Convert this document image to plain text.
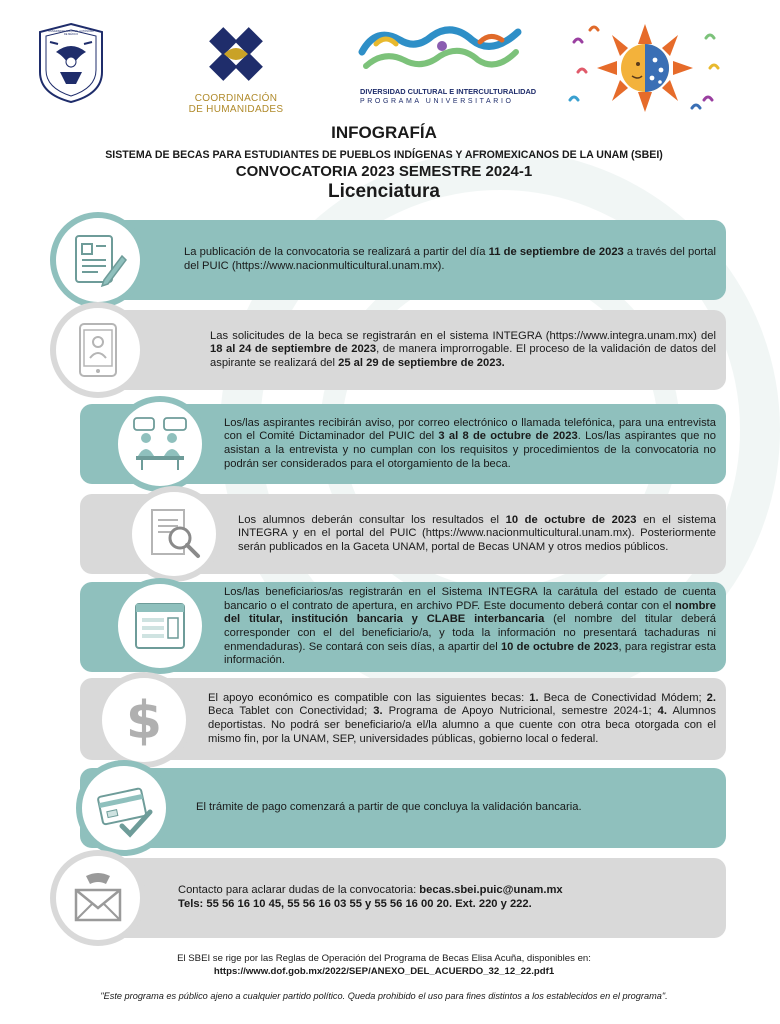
UNIVERSIDAD NACIONAL AUTÓNOMA DE MÉXICO
COORDINACIÓN
DE HUMANIDADES
DIVERSIDAD CULTURAL E INTERCULTURALIDAD
PROGRAMA UNIVERSITARIO

INFOGRAFÍA

SISTEMA DE BECAS PARA ESTUDIANTES DE PUEBLOS INDÍGENAS Y AFROMEXICANOS DE LA UNAM (SBEI)

CONVOCATORIA 2023 SEMESTRE 2024-1

Licenciatura

La publicación de la convocatoria se realizará a partir del día 11 de septiembre de 2023 a través del portal del PUIC (https://www.nacionmulticultural.unam.mx).
Las solicitudes de la beca se registrarán en el sistema INTEGRA (https://www.integra.unam.mx) del 18 al 24 de septiembre de 2023, de manera improrrogable. El proceso de la validación de datos del aspirante se realizará del 25 al 29 de septiembre de 2023.
Los/las aspirantes recibirán aviso, por correo electrónico o llamada telefónica, para una entrevista con el Comité Dictaminador del PUIC del 3 al 8 de octubre de 2023. Los/las aspirantes que no asistan a la entrevista y no cumplan con los requisitos y procedimientos de la convocatoria no podrán ser considerados para el otorgamiento de la beca.
Los alumnos deberán consultar los resultados el 10 de octubre de 2023 en el sistema INTEGRA y en el portal del PUIC (https://www.nacionmulticultural.unam.mx). Posteriormente serán publicados en la Gaceta UNAM, portal de Becas UNAM y otros medios públicos.
Los/las beneficiarios/as registrarán en el Sistema INTEGRA la carátula del estado de cuenta bancario o el contrato de apertura, en archivo PDF. Este documento deberá contar con el nombre del titular, institución bancaria y CLABE interbancaria (el nombre del titular deberá corresponder con el del beneficiario/a, y toda la información no presentará tachaduras ni enmendaduras). Se contará con seis días, a apartir del 10 de octubre de 2023, para registrar esta información.
El apoyo económico es compatible con las siguientes becas: 1. Beca de Conectividad Módem; 2. Beca Tablet con Conectividad; 3. Programa de Apoyo Nutricional, semestre 2024-1; 4. Alumnos deportistas. No podrá ser beneficiario/a el/la alumno a que cuente con otra beca otorgada con el mismo fin, por la UNAM, SEP, universidades públicas, gobierno local o federal.
$
El trámite de pago comenzará a partir de que concluya la validación bancaria.
Contacto para aclarar dudas de la convocatoria: becas.sbei.puic@unam.mx
Tels: 55 56 16 10 45, 55 56 16 03 55 y 55 56 16 00 20. Ext. 220 y 222.
El SBEI se rige por las Reglas de Operación del Programa de Becas Elisa Acuña, disponibles en:
https://www.dof.gob.mx/2022/SEP/ANEXO_DEL_ACUERDO_32_12_22.pdf1
"Este programa es público ajeno a cualquier partido político. Queda prohibido el uso para fines distintos a los establecidos en el programa".
